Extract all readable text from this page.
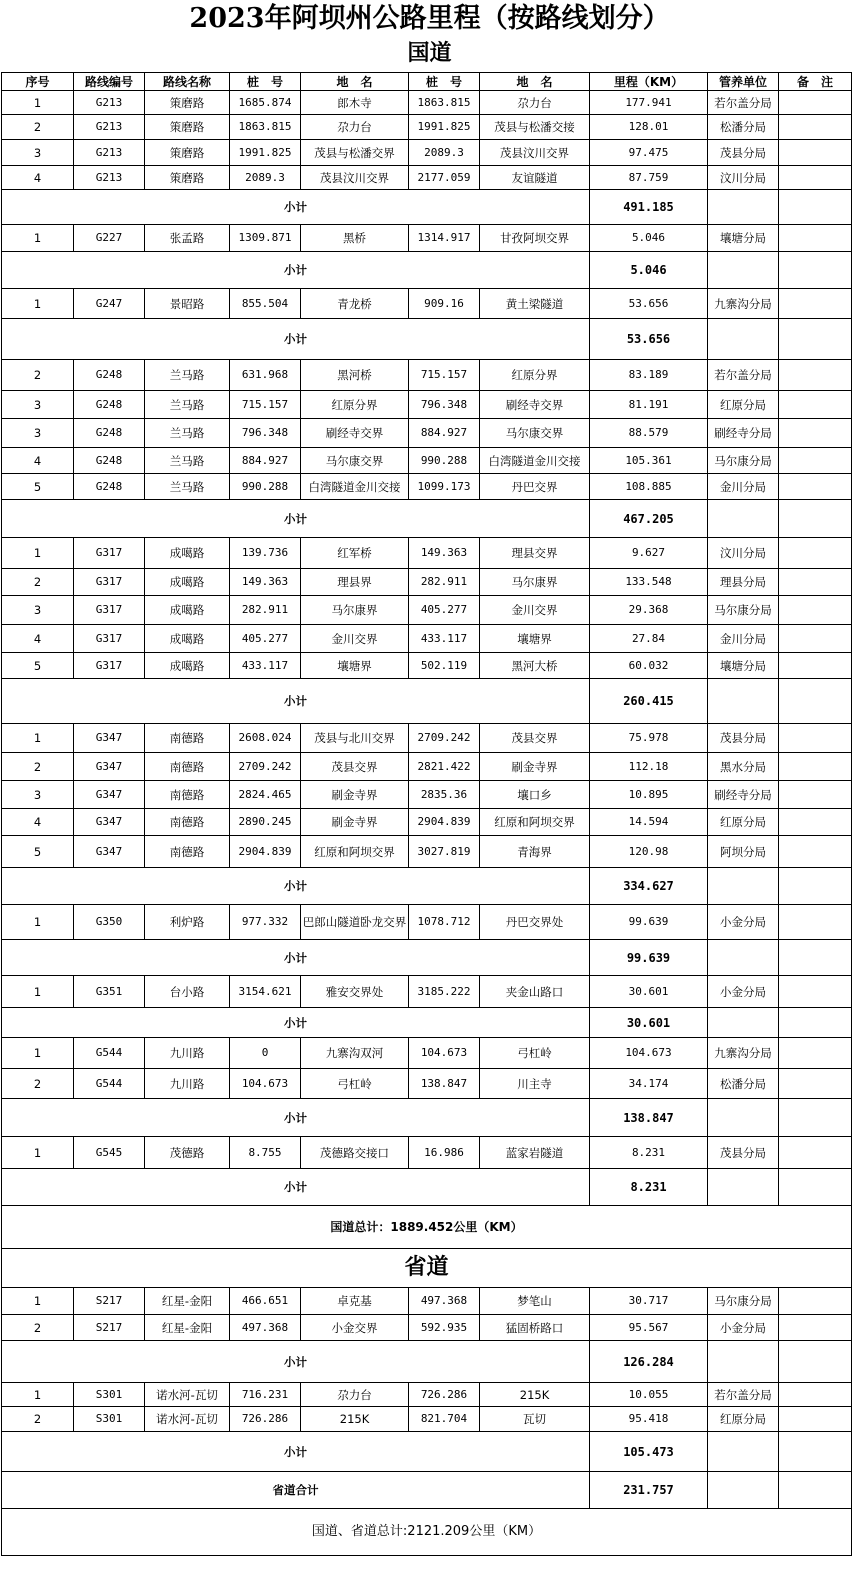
2023年阿坝州公路里程（按路线划分）
国道
序号	路线编号	路线名称	桩　号	地　名	桩　号	地　名	里程（KM）	管养单位	备　注
1	G213	策磨路	1685.874	郎木寺	1863.815	尕力台	177.941	若尔盖分局	
2	G213	策磨路	1863.815	尕力台	1991.825	茂县与松潘交接	128.01	松潘分局	
3	G213	策磨路	1991.825	茂县与松潘交界	2089.3	茂县汶川交界	97.475	茂县分局	
4	G213	策磨路	2089.3	茂县汶川交界	2177.059	友谊隧道	87.759	汶川分局	
小计							491.185		
1	G227	张孟路	1309.871	黑桥	1314.917	甘孜阿坝交界	5.046	壤塘分局	
小计							5.046		
1	G247	景昭路	855.504	青龙桥	909.16	黄土梁隧道	53.656	九寨沟分局	
小计							53.656		
2	G248	兰马路	631.968	黑河桥	715.157	红原分界	83.189	若尔盖分局	
3	G248	兰马路	715.157	红原分界	796.348	刷经寺交界	81.191	红原分局	
3	G248	兰马路	796.348	刷经寺交界	884.927	马尔康交界	88.579	刷经寺分局	
4	G248	兰马路	884.927	马尔康交界	990.288	白湾隧道金川交接	105.361	马尔康分局	
5	G248	兰马路	990.288	白湾隧道金川交接	1099.173	丹巴交界	108.885	金川分局	
小计							467.205		
1	G317	成噶路	139.736	红军桥	149.363	理县交界	9.627	汶川分局	
2	G317	成噶路	149.363	理县界	282.911	马尔康界	133.548	理县分局	
3	G317	成噶路	282.911	马尔康界	405.277	金川交界	29.368	马尔康分局	
4	G317	成噶路	405.277	金川交界	433.117	壤塘界	27.84	金川分局	
5	G317	成噶路	433.117	壤塘界	502.119	黑河大桥	60.032	壤塘分局	
小计							260.415		
1	G347	南德路	2608.024	茂县与北川交界	2709.242	茂县交界	75.978	茂县分局	
2	G347	南德路	2709.242	茂县交界	2821.422	刷金寺界	112.18	黑水分局	
3	G347	南德路	2824.465	刷金寺界	2835.36	壤口乡	10.895	刷经寺分局	
4	G347	南德路	2890.245	刷金寺界	2904.839	红原和阿坝交界	14.594	红原分局	
5	G347	南德路	2904.839	红原和阿坝交界	3027.819	青海界	120.98	阿坝分局	
小计							334.627		
1	G350	利炉路	977.332	巴郎山隧道卧龙交界	1078.712	丹巴交界处	99.639	小金分局	
小计							99.639		
1	G351	台小路	3154.621	雅安交界处	3185.222	夹金山路口	30.601	小金分局	
小计							30.601		
1	G544	九川路	0	九寨沟双河	104.673	弓杠岭	104.673	九寨沟分局	
2	G544	九川路	104.673	弓杠岭	138.847	川主寺	34.174	松潘分局	
小计							138.847		
1	G545	茂德路	8.755	茂德路交接口	16.986	蓝家岩隧道	8.231	茂县分局	
小计							8.231		
国道总计：1889.452公里（KM）									
省道									
1	S217	红星-金阳	466.651	卓克基	497.368	梦笔山	30.717	马尔康分局	
2	S217	红星-金阳	497.368	小金交界	592.935	猛固桥路口	95.567	小金分局	
小计							126.284		
1	S301	诺水河-瓦切	716.231	尕力台	726.286	215K	10.055	若尔盖分局	
2	S301	诺水河-瓦切	726.286	215K	821.704	瓦切	95.418	红原分局	
小计							105.473		
省道合计							231.757		
国道、省道总计:2121.209公里（KM）									
